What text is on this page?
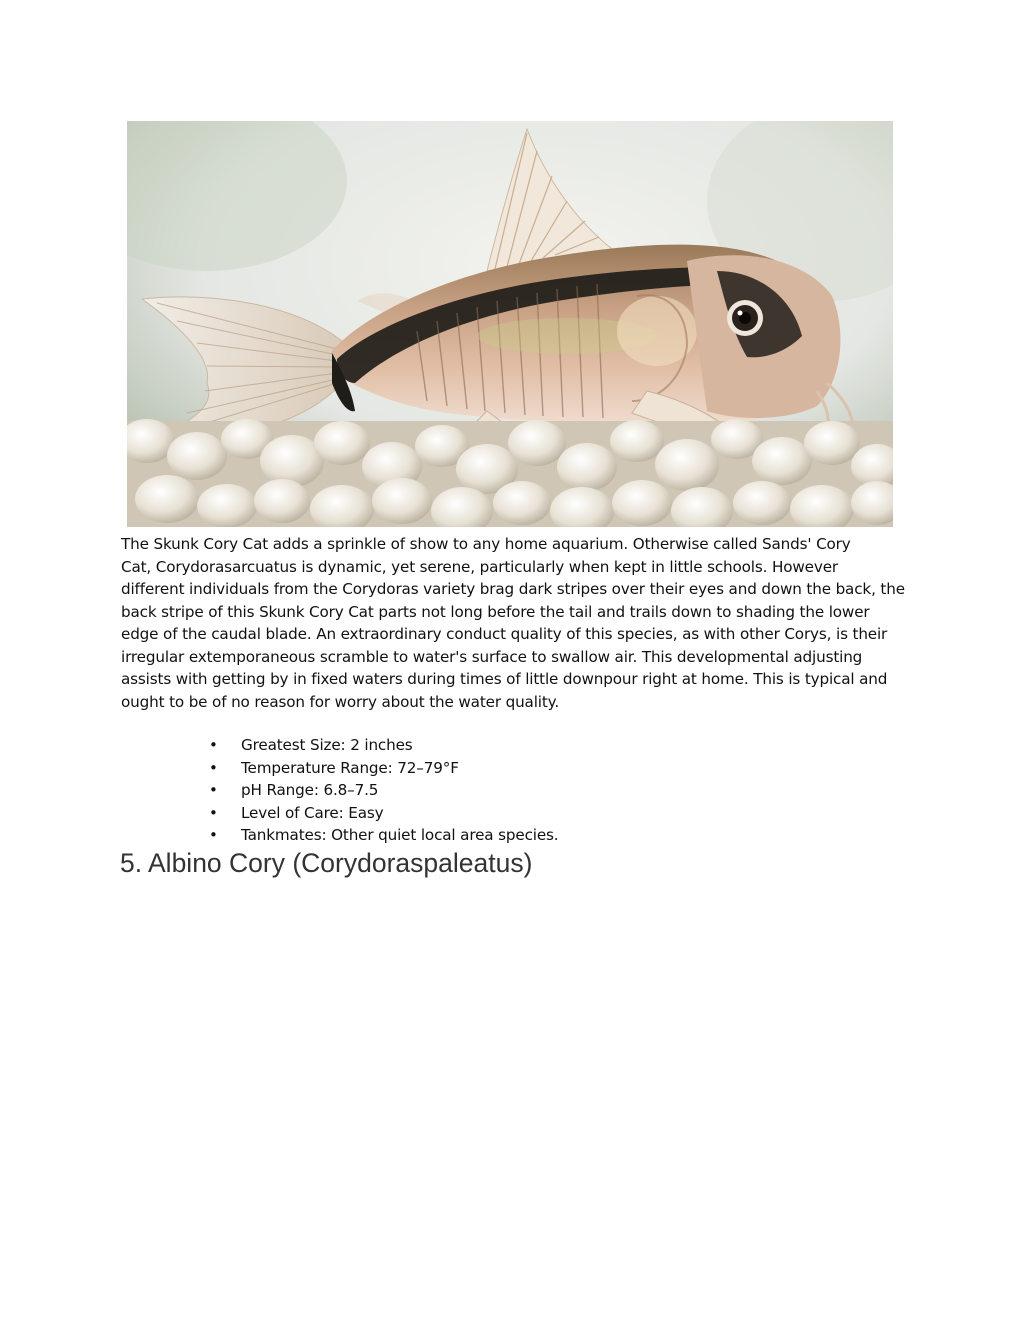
The Skunk Cory Cat adds a sprinkle of show to any home aquarium. Otherwise called Sands' Cory
Cat, Corydorasarcuatus is dynamic, yet serene, particularly when kept in little schools. However
different individuals from the Corydoras variety brag dark stripes over their eyes and down the back, the
back stripe of this Skunk Cory Cat parts not long before the tail and trails down to shading the lower
edge of the caudal blade. An extraordinary conduct quality of this species, as with other Corys, is their
irregular extemporaneous scramble to water's surface to swallow air. This developmental adjusting
assists with getting by in fixed waters during times of little downpour right at home. This is typical and
ought to be of no reason for worry about the water quality.

• Greatest Size: 2 inches
• Temperature Range: 72–79°F
• pH Range: 6.8–7.5
• Level of Care: Easy
• Tankmates: Other quiet local area species.
5. Albino Cory (Corydoraspaleatus)
